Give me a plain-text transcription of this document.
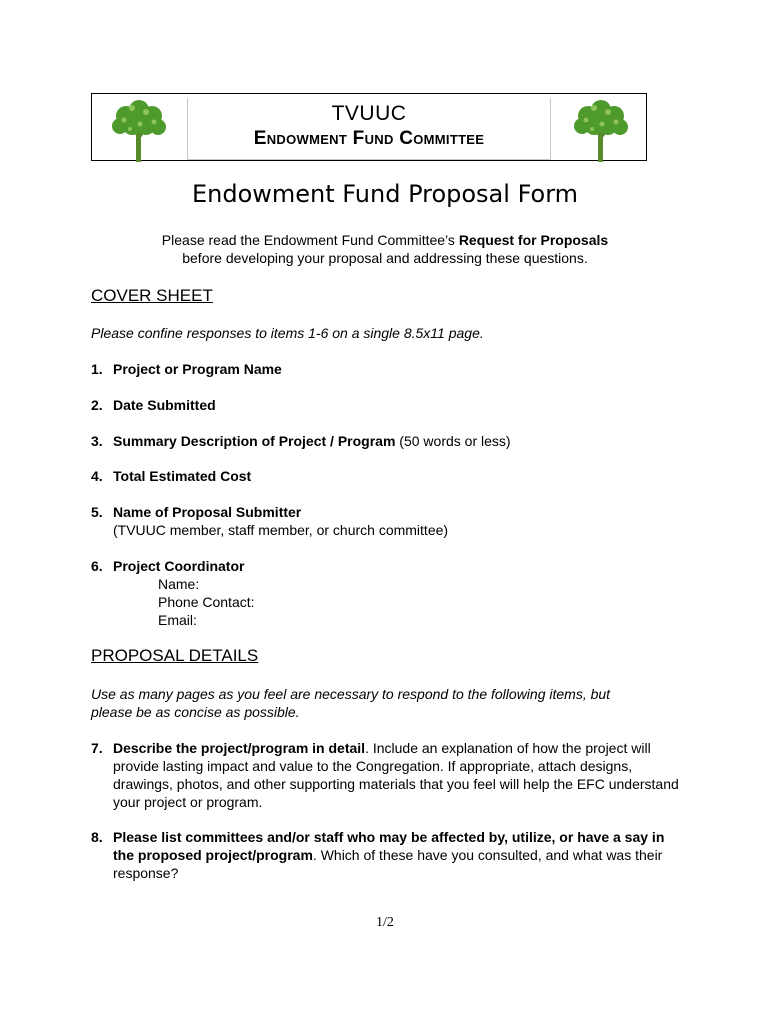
TVUUC
Endowment Fund Committee
Endowment Fund Proposal Form
Please read the Endowment Fund Committee’s Request for Proposals
before developing your proposal and addressing these questions.
COVER SHEET
Please confine responses to items 1-6 on a single 8.5x11 page.
1. Project or Program Name
2. Date Submitted
3. Summary Description of Project / Program (50 words or less)
4. Total Estimated Cost
5. Name of Proposal Submitter
(TVUUC member, staff member, or church committee)
6. Project Coordinator
Name:
Phone Contact:
Email:
PROPOSAL DETAILS
Use as many pages as you feel are necessary to respond to the following items, but
please be as concise as possible.
7. Describe the project/program in detail. Include an explanation of how the project will provide lasting impact and value to the Congregation. If appropriate, attach designs, drawings, photos, and other supporting materials that you feel will help the EFC understand your project or program.
8. Please list committees and/or staff who may be affected by, utilize, or have a say in the proposed project/program. Which of these have you consulted, and what was their response?
1/2
